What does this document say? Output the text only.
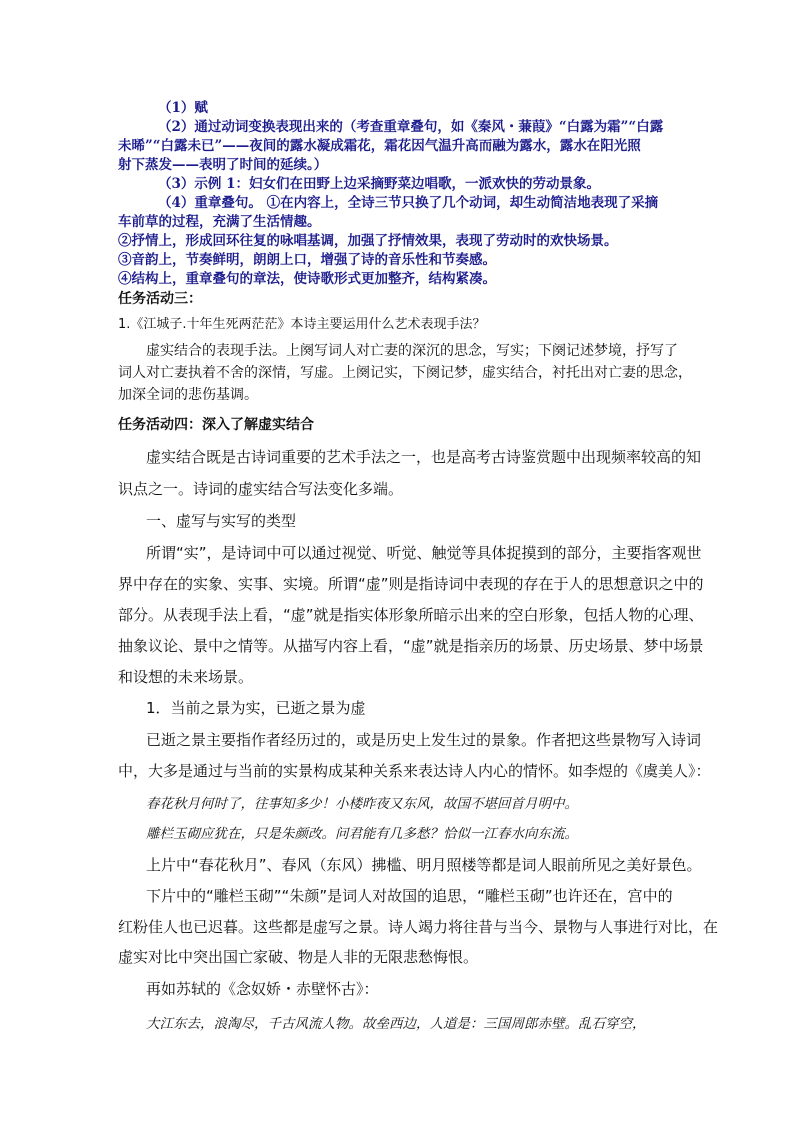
（1）赋
（2）通过动词变换表现出来的（考查重章叠句，如《秦风・蒹葭》“白露为霜”“白露
未晞”“白露未已”——夜间的露水凝成霜花，霜花因气温升高而融为露水，露水在阳光照
射下蒸发——表明了时间的延续。）
（3）示例 1：妇女们在田野上边采摘野菜边唱歌，一派欢快的劳动景象。
（4）重章叠句。 ①在内容上，全诗三节只换了几个动词，却生动简洁地表现了采摘
车前草的过程，充满了生活情趣。
②抒情上，形成回环往复的咏唱基调，加强了抒情效果，表现了劳动时的欢快场景。
③音韵上，节奏鲜明，朗朗上口，增强了诗的音乐性和节奏感。
④结构上，重章叠句的章法，使诗歌形式更加整齐，结构紧凑。
任务活动三：
1.《江城子.十年生死两茫茫》本诗主要运用什么艺术表现手法？
虚实结合的表现手法。上阕写词人对亡妻的深沉的思念，写实；下阕记述梦境，抒写了
词人对亡妻执着不舍的深情，写虚。上阕记实，下阕记梦，虚实结合，衬托出对亡妻的思念，
加深全词的悲伤基调。
任务活动四：深入了解虚实结合
虚实结合既是古诗词重要的艺术手法之一，也是高考古诗鉴赏题中出现频率较高的知
识点之一。诗词的虚实结合写法变化多端。
一、虚写与实写的类型
所谓“实”，是诗词中可以通过视觉、听觉、触觉等具体捉摸到的部分，主要指客观世
界中存在的实象、实事、实境。所谓“虚”则是指诗词中表现的存在于人的思想意识之中的
部分。从表现手法上看，“虚”就是指实体形象所暗示出来的空白形象，包括人物的心理、
抽象议论、景中之情等。从描写内容上看，“虚”就是指亲历的场景、历史场景、梦中场景
和设想的未来场景。
1．当前之景为实，已逝之景为虚
已逝之景主要指作者经历过的，或是历史上发生过的景象。作者把这些景物写入诗词
中，大多是通过与当前的实景构成某种关系来表达诗人内心的情怀。如李煜的《虞美人》：
春花秋月何时了，往事知多少！小楼昨夜又东风，故国不堪回首月明中。
雕栏玉砌应犹在，只是朱颜改。问君能有几多愁？恰似一江春水向东流。
上片中“春花秋月”、春风（东风）拂槛、明月照楼等都是词人眼前所见之美好景色。
下片中的“雕栏玉砌”“朱颜”是词人对故国的追思，“雕栏玉砌”也许还在，宫中的
红粉佳人也已迟暮。这些都是虚写之景。诗人竭力将往昔与当今、景物与人事进行对比，在
虚实对比中突出国亡家破、物是人非的无限悲愁悔恨。
再如苏轼的《念奴娇・赤壁怀古》：
大江东去，浪淘尽，千古风流人物。故垒西边，人道是：三国周郎赤壁。乱石穿空，
